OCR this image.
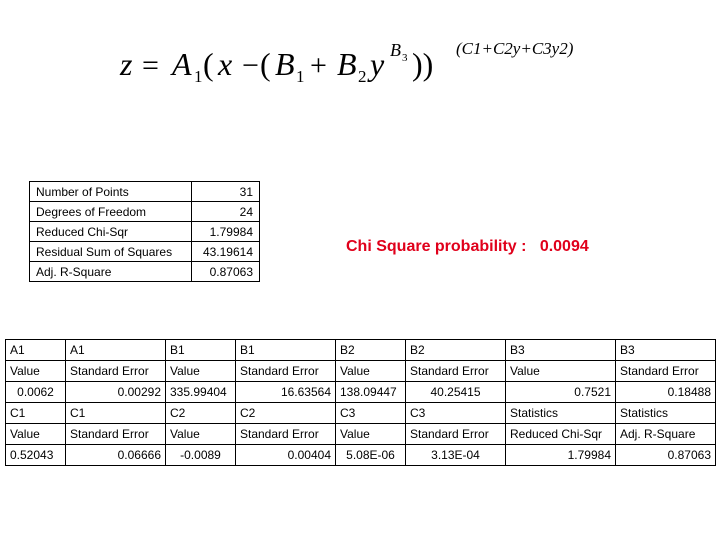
z = A 1 ( x − ( B 1 + B 2 y B 3 )) (C1+C2y+C3y2)
Number of Points	31
Degrees of Freedom	24
Reduced Chi-Sqr	1.79984
Residual Sum of Squares	43.19614
Adj. R-Square	0.87063
Chi Square probability : 0.0094
A1	A1	B1	B1	B2	B2	B3	B3
Value	Standard Error	Value	Standard Error	Value	Standard Error	Value	Standard Error
0.0062	0.00292	335.99404	16.63564	138.09447	40.25415	0.7521	0.18488
C1	C1	C2	C2	C3	C3	Statistics	Statistics
Value	Standard Error	Value	Standard Error	Value	Standard Error	Reduced Chi-Sqr	Adj. R-Square
0.52043	0.06666	-0.0089	0.00404	5.08E-06	3.13E-04	1.79984	0.87063
